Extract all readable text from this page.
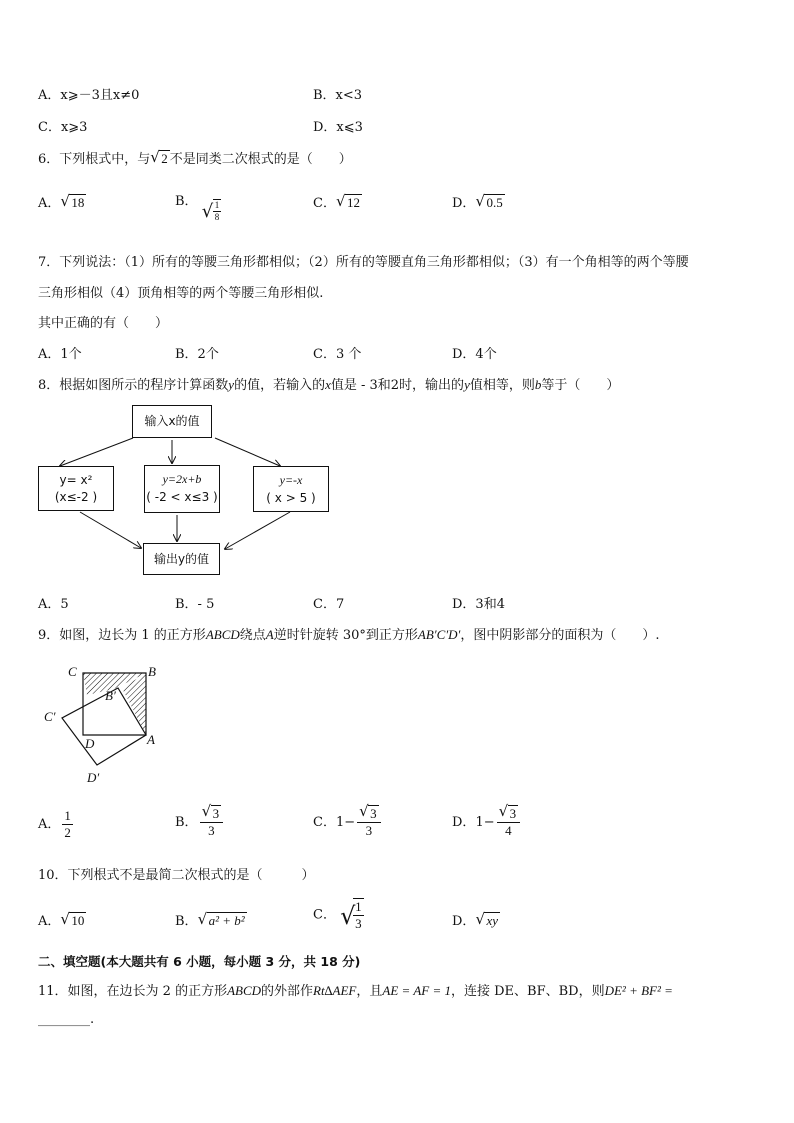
A．x⩾－3且x≠0	B．x<3
C．x⩾3	D．x⩽3
6．下列根式中，与 √ 2 不是同类二次根式的是（　　）
A． √ 18	B． √ $\frac{1}{8}$	C． √ 12	D． √ 0.5
7．下列说法：（1）所有的等腰三角形都相似；（2）所有的等腰直角三角形都相似；（3）有一个角相等的两个等腰
三角形相似（4）顶角相等的两个等腰三角形相似.
其中正确的有（　　）
A．1个	B．2个	C．3 个	D．4个
8．根据如图所示的程序计算函数y的值，若输入的x值是 - 3和2时，输出的y值相等，则b等于（　　）
输入x的值
y= x²
(x≤-2 )
y=2x+b
( -2 < x≤3 )
y=-x
( x > 5 )
输出y的值
A．5	B．- 5	C．7	D．3和4
9．如图，边长为 1 的正方形ABCD绕点A逆时针旋转 30°到正方形AB′C′D′，图中阴影部分的面积为（　　）.
C	B
B′
C′
D	A
D′
A． $\frac{1}{2}$	B． $\frac{√ 3}{3}$	C．$1- \frac{√ 3}{3}$	D．$1- \frac{√ 3}{4}$
10．下列根式不是最简二次根式的是（　　　）
A． √ 10	B． √ a² + b²	C． √
$\frac{1}{3}$	D． √ xy
二、填空题(本大题共有 6 小题，每小题 3 分，共 18 分)
11．如图，在边长为 2 的正方形ABCD的外部作Rt∆AEF，且AE = AF = 1，连接 DE、BF、BD，则DE² + BF² =
________.
